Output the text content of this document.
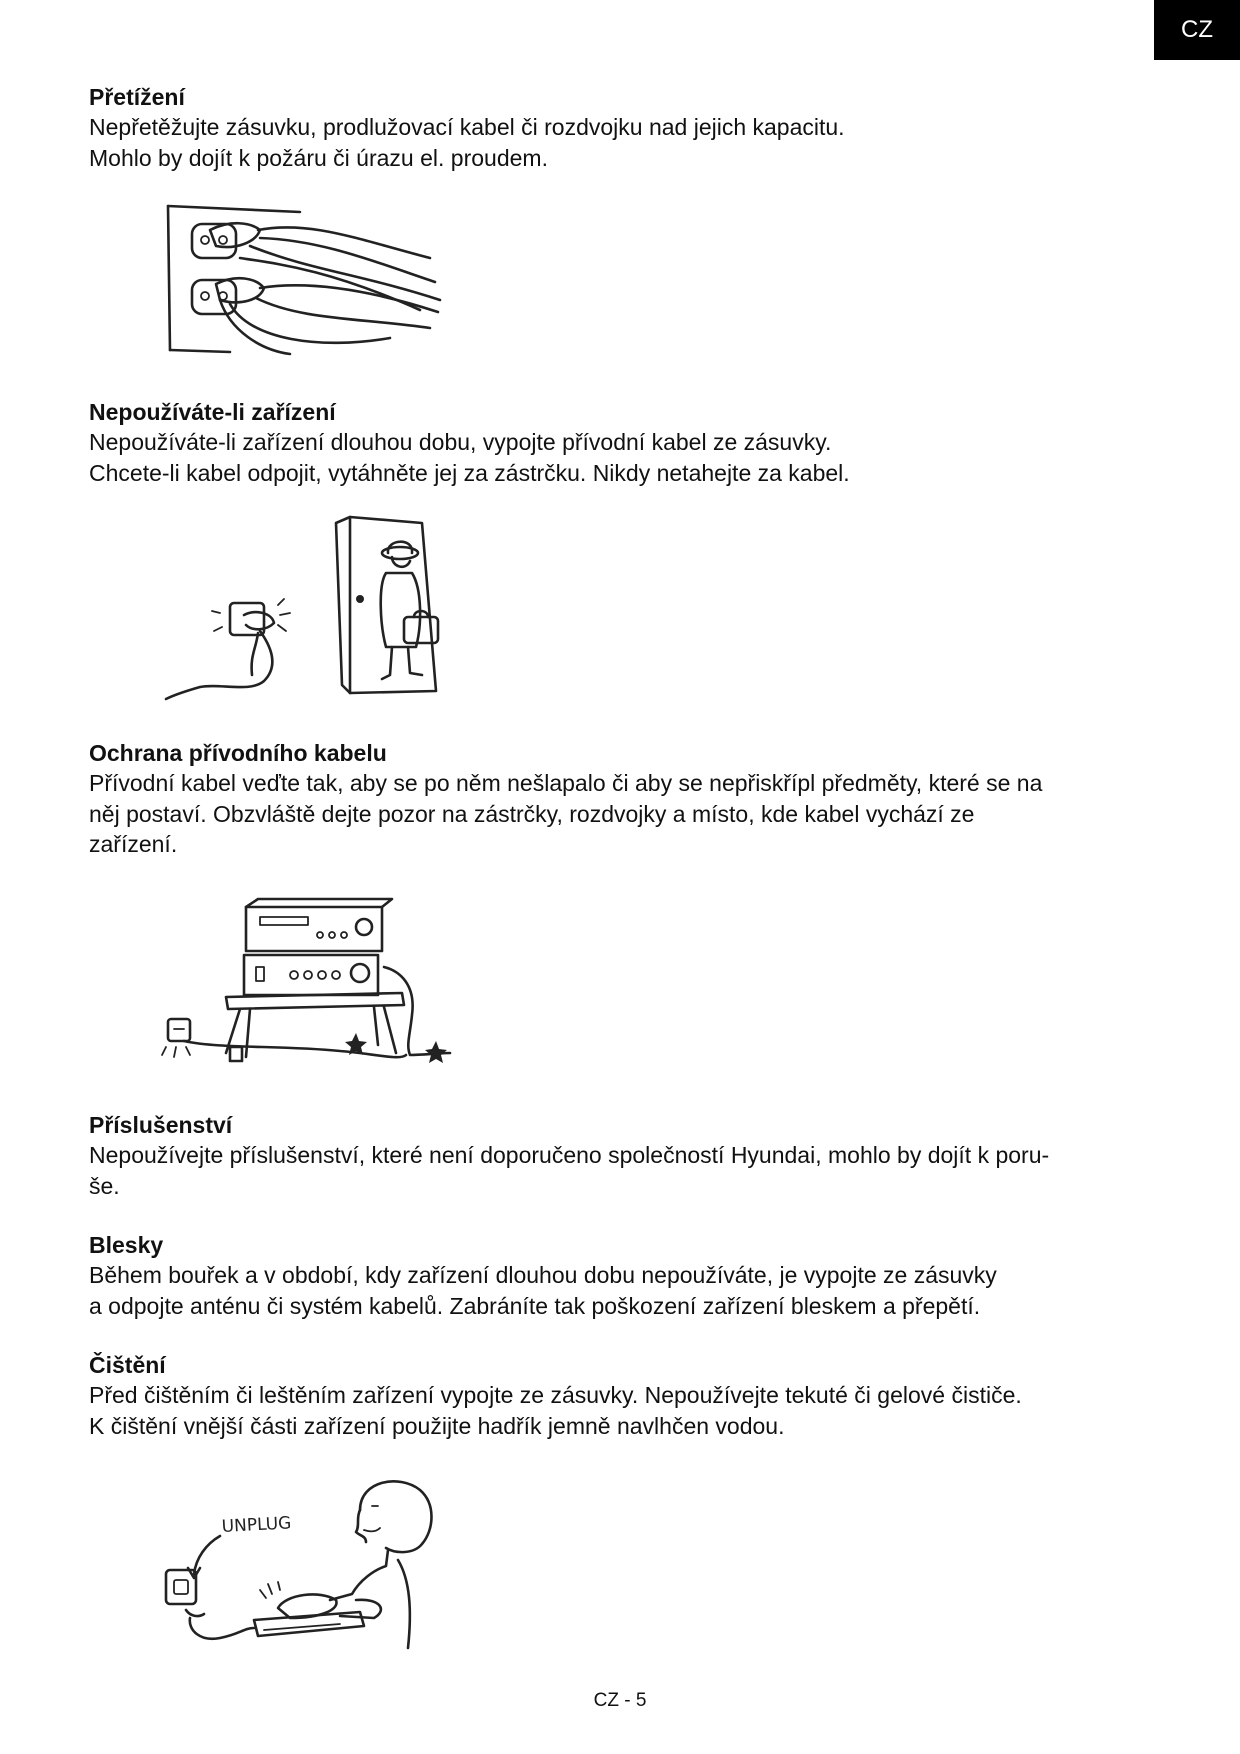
CZ
Přetížení

Nepřetěžujte zásuvku, prodlužovací kabel či rozdvojku nad jejich kapacitu.
Mohlo by dojít k požáru či úrazu el. proudem.

Nepoužíváte-li zařízení

Nepoužíváte-li zařízení dlouhou dobu, vypojte přívodní kabel ze zásuvky.
Chcete-li kabel odpojit, vytáhněte jej za zástrčku. Nikdy netahejte za kabel.

Ochrana přívodního kabelu

Přívodní kabel veďte tak, aby se po něm nešlapalo či aby se nepřiskřípl předměty, které se na
něj postaví. Obzvláště dejte pozor na zástrčky, rozdvojky a místo, kde kabel vychází ze
zařízení.

Příslušenství

Nepoužívejte příslušenství, které není doporučeno společností Hyundai, mohlo by dojít k poru-
še.

Blesky

Během bouřek a v období, kdy zařízení dlouhou dobu nepoužíváte, je vypojte ze zásuvky
a odpojte anténu či systém kabelů. Zabráníte tak poškození zařízení bleskem a přepětí.

Čištění

Před čištěním či leštěním zařízení vypojte ze zásuvky. Nepoužívejte tekuté či gelové čističe.
K čištění vnější části zařízení použijte hadřík jemně navlhčen vodou.

UNPLUG
CZ - 5
